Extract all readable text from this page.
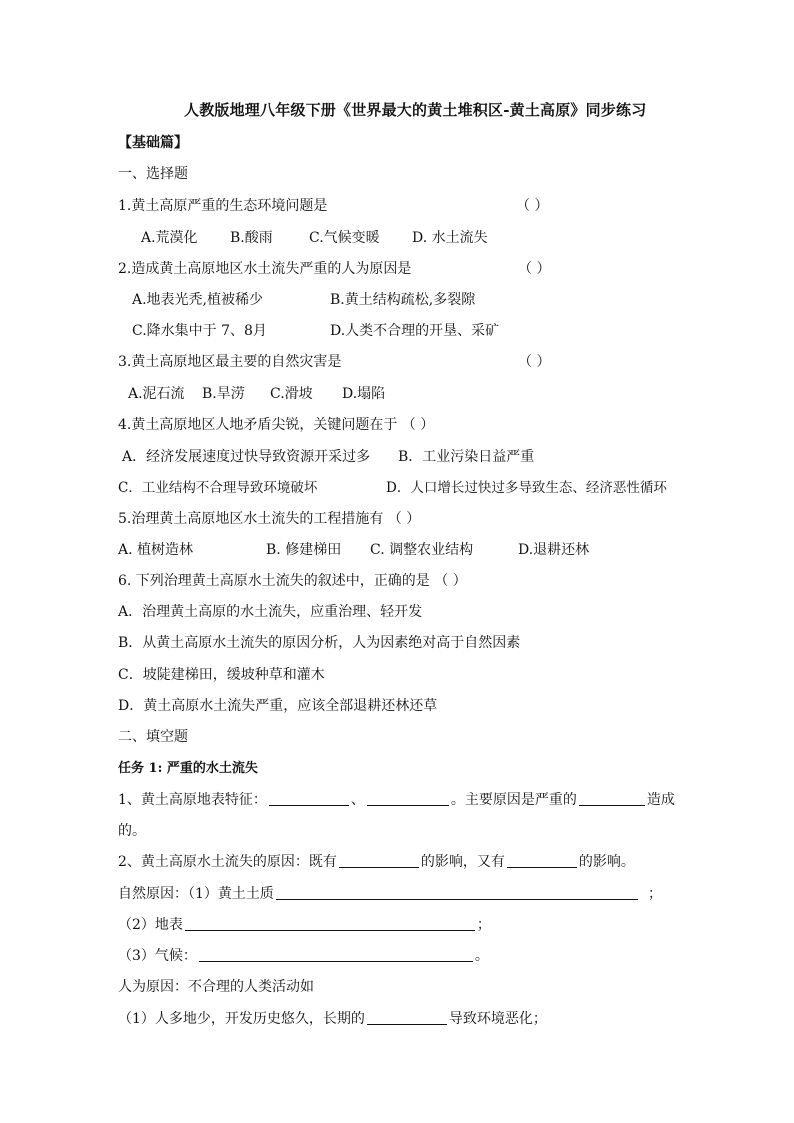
人教版地理八年级下册《世界最大的黄土堆积区-黄土高原》同步练习
【基础篇】
一、选择题
1.黄土高原严重的生态环境问题是	（ ）
A.荒漠化 B.酸雨	C.气候变暖 D. 水土流失
2.造成黄土高原地区水土流失严重的人为原因是	（ ）
A.地表光秃,植被稀少	B.黄土结构疏松,多裂隙
C.降水集中于 7、8月	D.人类不合理的开垦、采矿
3.黄土高原地区最主要的自然灾害是	（ ）
A.泥石流 B.旱涝 C.滑坡 D.塌陷
4.黄土高原地区人地矛盾尖锐，关键问题在于 （ ）
A．经济发展速度过快导致资源开采过多 B．工业污染日益严重
C．工业结构不合理导致环境破坏	D．人口增长过快过多导致生态、经济恶性循环
5.治理黄土高原地区水土流失的工程措施有 （ ）
A. 植树造林	B. 修建梯田 C. 调整农业结构	D.退耕还林
6. 下列治理黄土高原水土流失的叙述中，正确的是 （ ）
A．治理黄土高原的水土流失，应重治理、轻开发
B．从黄土高原水土流失的原因分析，人为因素绝对高于自然因素
C．坡陡建梯田，缓坡种草和灌木
D．黄土高原水土流失严重，应该全部退耕还林还草
二、填空题
任务 1: 严重的水土流失
1、黄土高原地表特征：	、	。主要原因是严重的	造成
的。
2、黄土高原水土流失的原因：既有	的影响，又有	的影响。
自然原因：（1）黄土土质	；
（2）地表	；
（3）气候：	。
人为原因：不合理的人类活动如
（1）人多地少，开发历史悠久，长期的	导致环境恶化；
